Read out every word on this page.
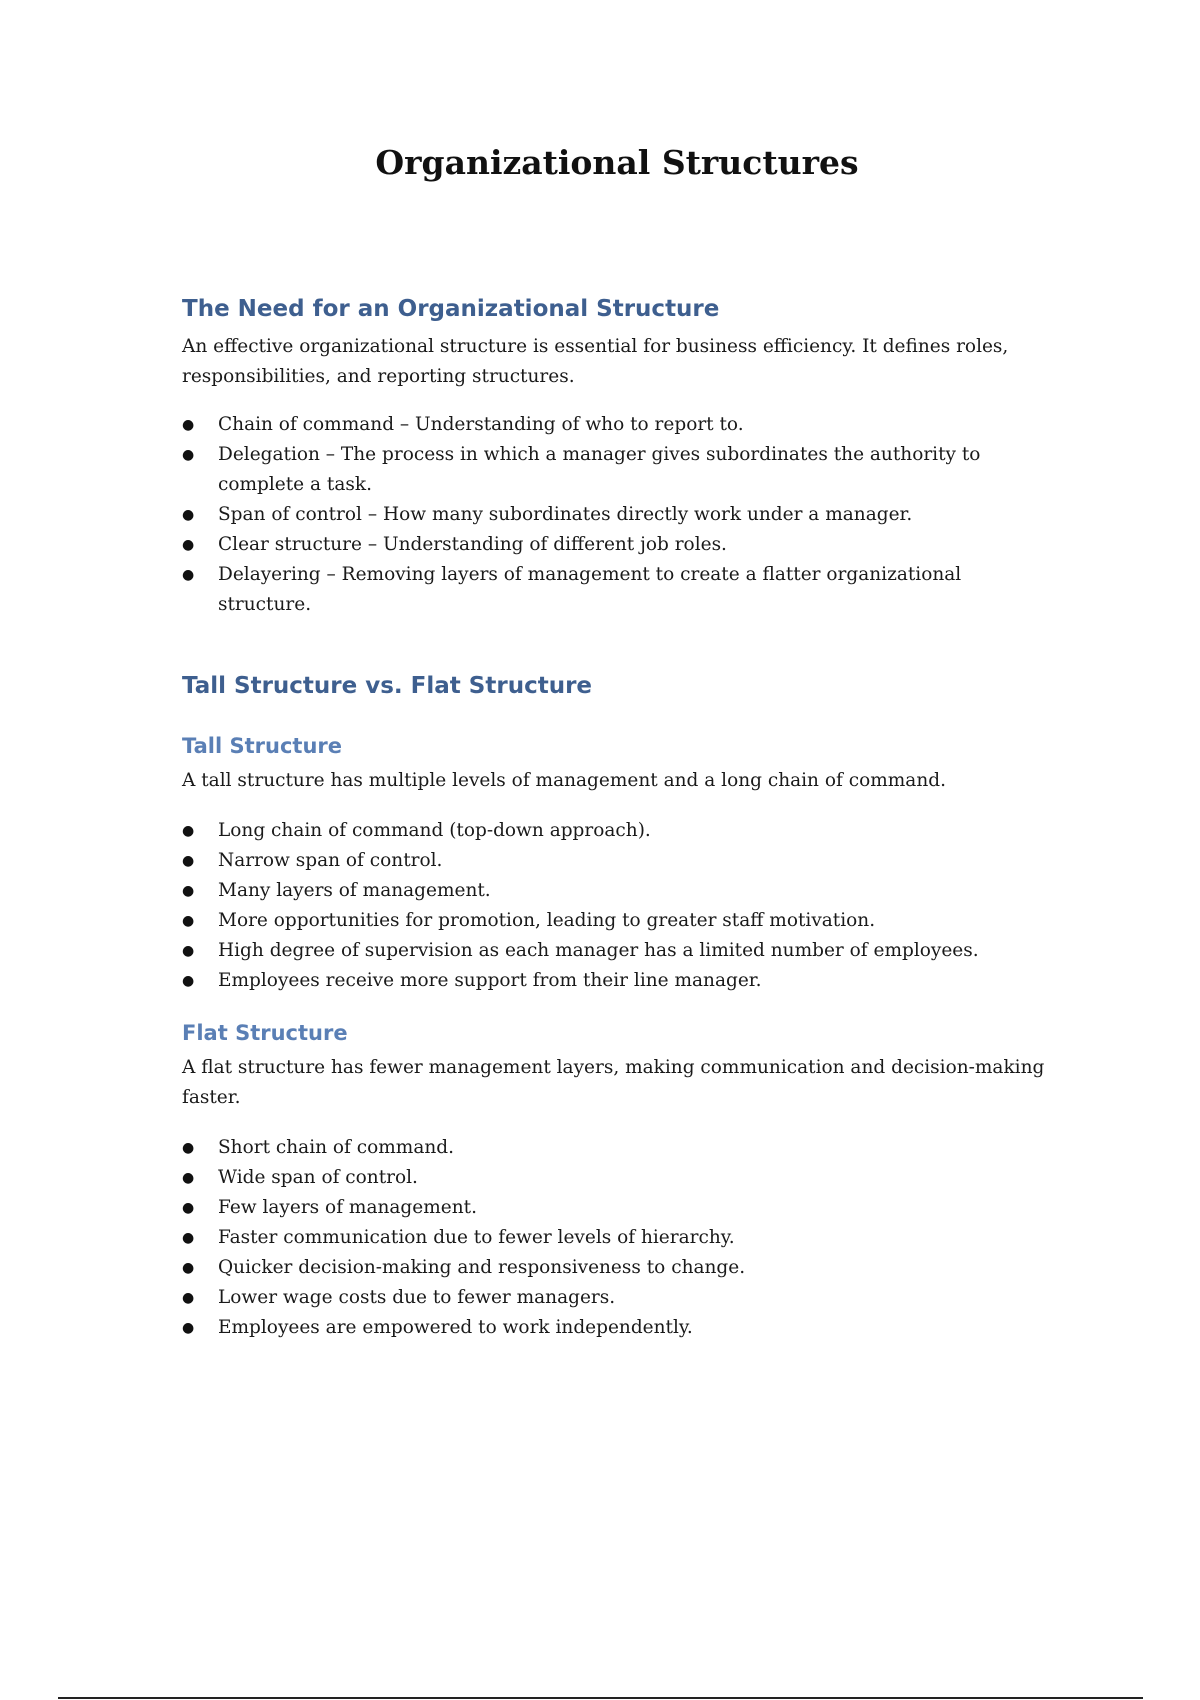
Organizational Structures
The Need for an Organizational Structure

An effective organizational structure is essential for business efficiency. It defines roles, responsibilities, and reporting structures.

● Chain of command – Understanding of who to report to.
● Delegation – The process in which a manager gives subordinates the authority to complete a task.
● Span of control – How many subordinates directly work under a manager.
● Clear structure – Understanding of different job roles.
● Delayering – Removing layers of management to create a flatter organizational structure.
Tall Structure vs. Flat Structure
Tall Structure

A tall structure has multiple levels of management and a long chain of command.

● Long chain of command (top-down approach).
● Narrow span of control.
● Many layers of management.
● More opportunities for promotion, leading to greater staff motivation.
● High degree of supervision as each manager has a limited number of employees.
● Employees receive more support from their line manager.
Flat Structure

A flat structure has fewer management layers, making communication and decision-making faster.

● Short chain of command.
● Wide span of control.
● Few layers of management.
● Faster communication due to fewer levels of hierarchy.
● Quicker decision-making and responsiveness to change.
● Lower wage costs due to fewer managers.
● Employees are empowered to work independently.
